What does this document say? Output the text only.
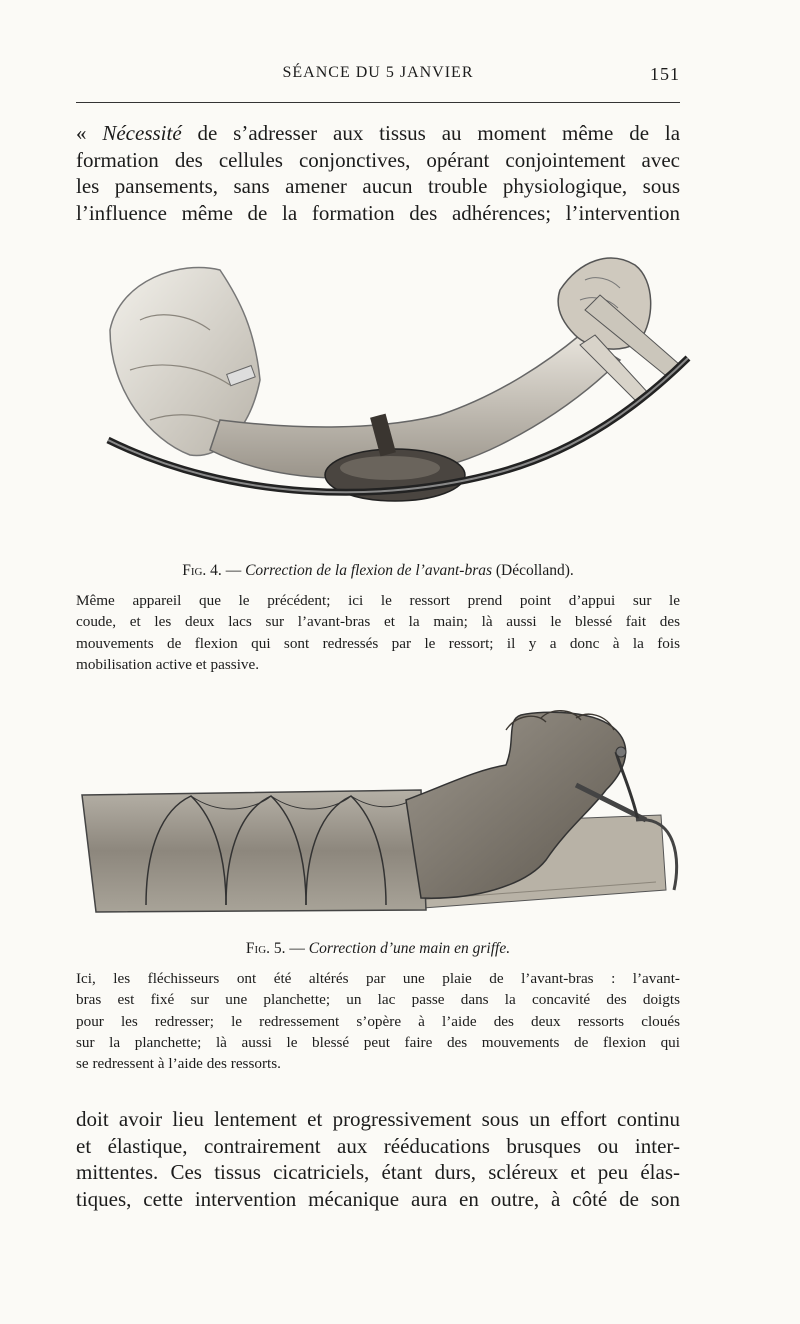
SÉANCE DU 5 JANVIER	151
« Nécessité de s’adresser aux tissus au moment même de la
formation des cellules conjonctives, opérant conjointement avec
les pansements, sans amener aucun trouble physiologique, sous
l’influence même de la formation des adhérences; l’intervention
Fig. 4. — Correction de la flexion de l’avant-bras (Décolland).
Même appareil que le précédent; ici le ressort prend point d’appui sur le
coude, et les deux lacs sur l’avant-bras et la main; là aussi le blessé fait des
mouvements de flexion qui sont redressés par le ressort; il y a donc à la fois
mobilisation active et passive.
Fig. 5. — Correction d’une main en griffe.
Ici, les fléchisseurs ont été altérés par une plaie de l’avant-bras : l’avant-
bras est fixé sur une planchette; un lac passe dans la concavité des doigts
pour les redresser; le redressement s’opère à l’aide des deux ressorts cloués
sur la planchette; là aussi le blessé peut faire des mouvements de flexion qui
se redressent à l’aide des ressorts.
doit avoir lieu lentement et progressivement sous un effort continu
et élastique, contrairement aux rééducations brusques ou inter-
mittentes. Ces tissus cicatriciels, étant durs, scléreux et peu élas-
tiques, cette intervention mécanique aura en outre, à côté de son
